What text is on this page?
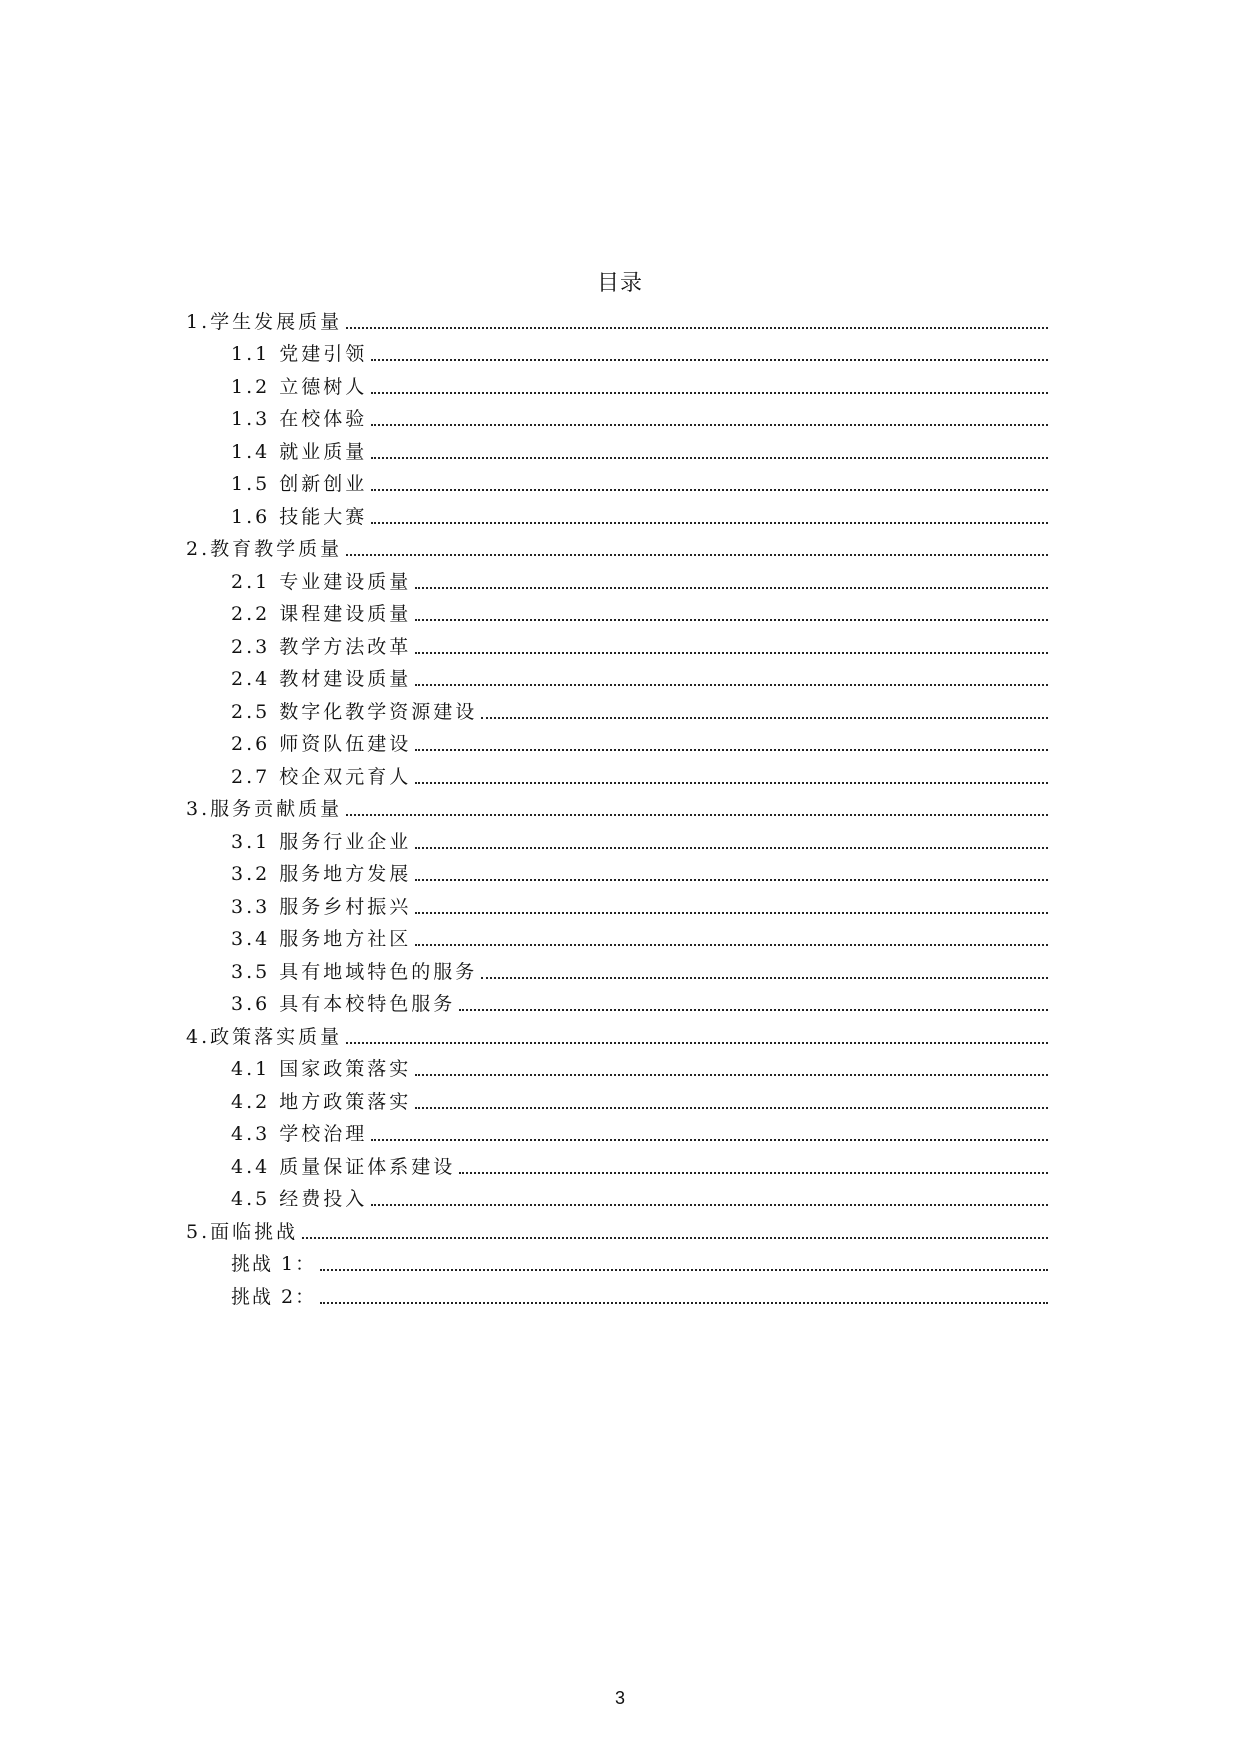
目录
1.学生发展质量
1.1 党建引领
1.2 立德树人
1.3 在校体验
1.4 就业质量
1.5 创新创业
1.6 技能大赛
2.教育教学质量
2.1 专业建设质量
2.2 课程建设质量
2.3 教学方法改革
2.4 教材建设质量
2.5 数字化教学资源建设
2.6 师资队伍建设
2.7 校企双元育人
3.服务贡献质量
3.1 服务行业企业
3.2 服务地方发展
3.3 服务乡村振兴
3.4 服务地方社区
3.5 具有地域特色的服务
3.6 具有本校特色服务
4.政策落实质量
4.1 国家政策落实
4.2 地方政策落实
4.3 学校治理
4.4 质量保证体系建设
4.5 经费投入
5.面临挑战
挑战 1：
挑战 2：
3
